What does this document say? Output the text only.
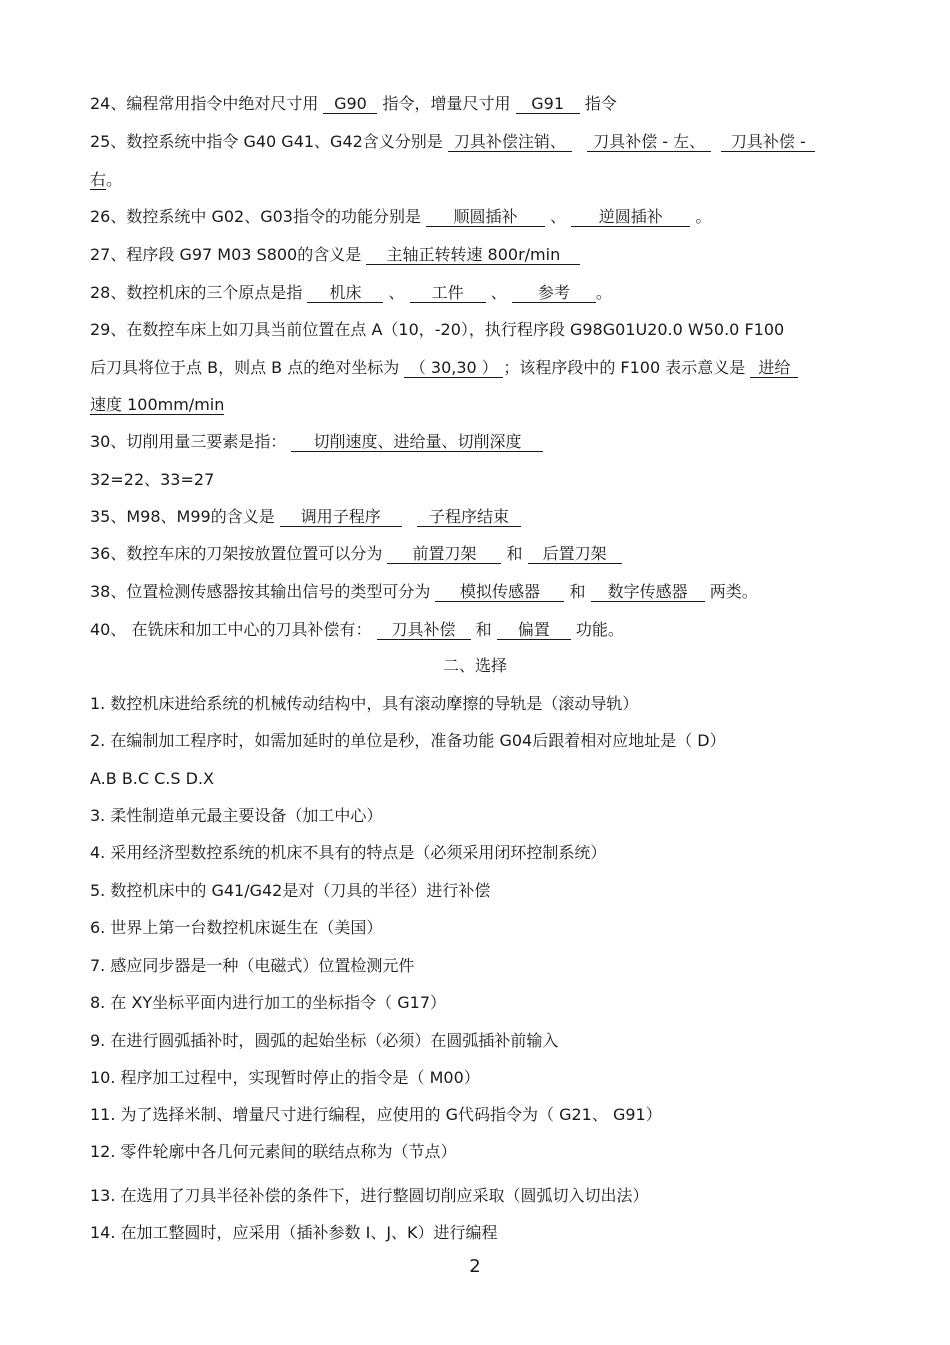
24、编程常用指令中绝对尺寸用 G90 指令，增量尺寸用 G91 指令
25、数控系统中指令 G40 G41、G42含义分别是 刀具补偿注销、 刀具补偿 - 左、 刀具补偿 -
右。
26、数控系统中 G02、G03指令的功能分别是 顺圆插补 、 逆圆插补 。
27、程序段 G97 M03 S800的含义是 主轴正转转速 800r/min
28、数控机床的三个原点是指 机床 、 工件 、 参考 。
29、在数控车床上如刀具当前位置在点 A（10，-20），执行程序段 G98G01U20.0 W50.0 F100
后刀具将位于点 B，则点 B 点的绝对坐标为 （ 30,30 ） ；该程序段中的 F100 表示意义是 进给
速度 100mm/min
30、切削用量三要素是指： 切削速度、进给量、切削深度
32=22、33=27
35、M98、M99的含义是 调用子程序	子程序结束
36、数控车床的刀架按放置位置可以分为 前置刀架 和 后置刀架
38、位置检测传感器按其输出信号的类型可分为 模拟传感器 和 数字传感器 两类。
40、 在铣床和加工中心的刀具补偿有： 刀具补偿 和 偏置 功能。
二、选择
1. 数控机床进给系统的机械传动结构中，具有滚动摩擦的导轨是（滚动导轨）
2. 在编制加工程序时，如需加延时的单位是秒，准备功能 G04后跟着相对应地址是（ D）
A.B B.C C.S D.X
3. 柔性制造单元最主要设备（加工中心）
4. 采用经济型数控系统的机床不具有的特点是（必须采用闭环控制系统）
5. 数控机床中的 G41/G42是对（刀具的半径）进行补偿
6. 世界上第一台数控机床诞生在（美国）
7. 感应同步器是一种（电磁式）位置检测元件
8. 在 XY坐标平面内进行加工的坐标指令（ G17）
9. 在进行圆弧插补时，圆弧的起始坐标（必须）在圆弧插补前输入
10. 程序加工过程中，实现暂时停止的指令是（ M00）
11. 为了选择米制、增量尺寸进行编程，应使用的 G代码指令为（ G21、 G91）
12. 零件轮廓中各几何元素间的联结点称为（节点）
13. 在选用了刀具半径补偿的条件下，进行整圆切削应采取（圆弧切入切出法）
14. 在加工整圆时，应采用（插补参数 I、J、K）进行编程
2
